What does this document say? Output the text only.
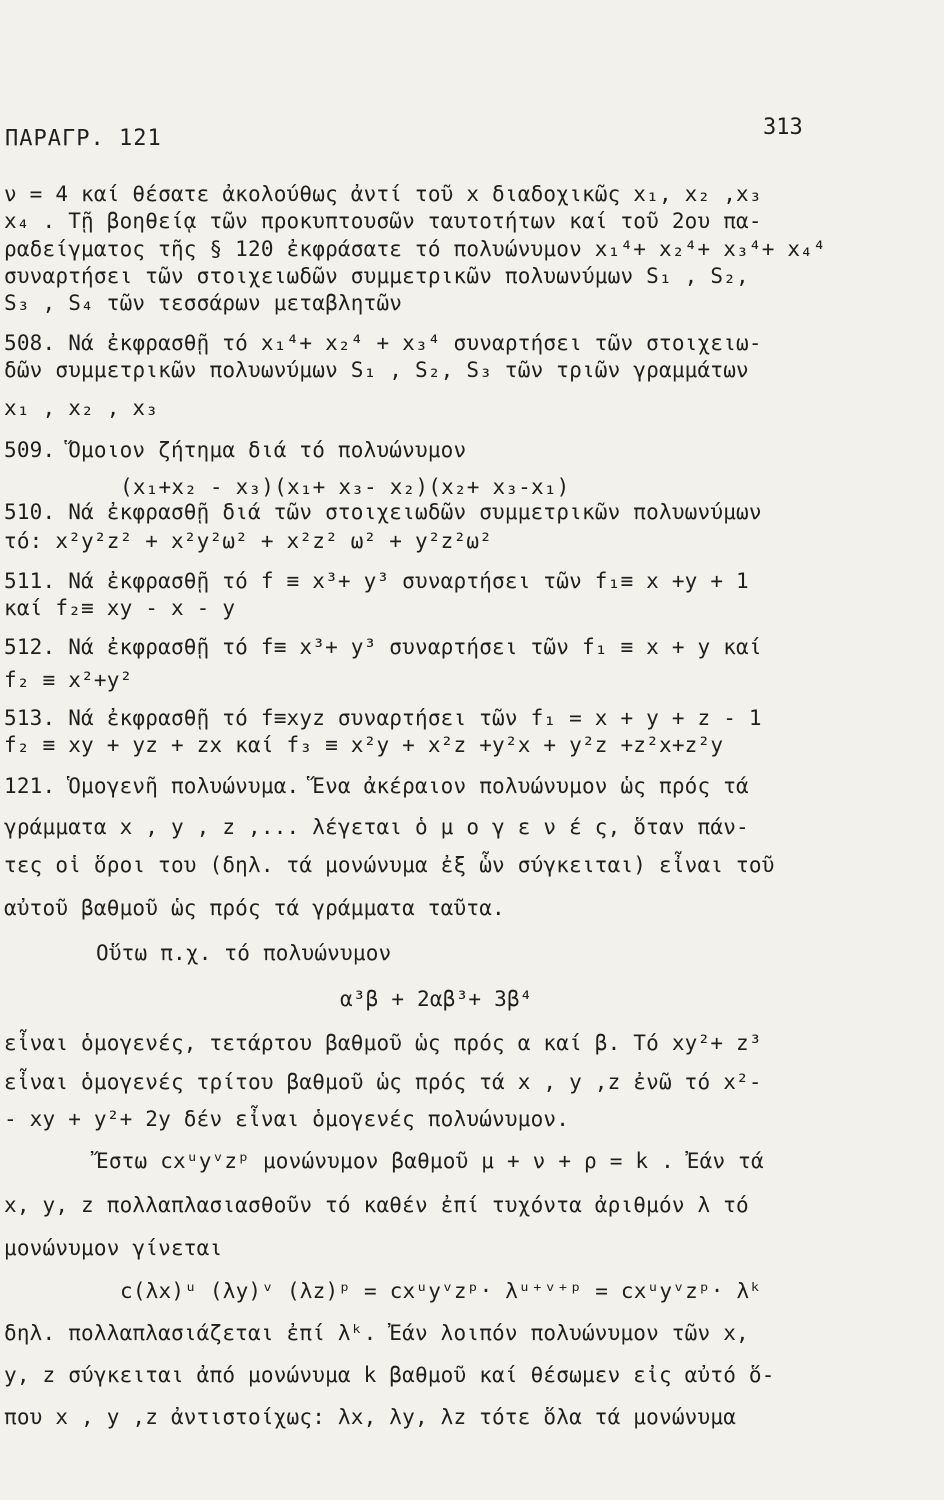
ΠΑΡΑΓΡ. 121	313
ν = 4 καί θέσατε ἀκολούθως ἀντί τοῦ x διαδοχικῶς x₁, x₂ ,x₃
x₄ . Τῇ βοηθείᾳ τῶν προκυπτουσῶν ταυτοτήτων καί τοῦ 2ου πα-
ραδείγματος τῆς § 120 ἐκφράσατε τό πολυώνυμον x₁⁴+ x₂⁴+ x₃⁴+ x₄⁴
συναρτήσει τῶν στοιχειωδῶν συμμετρικῶν πολυωνύμων S₁ , S₂,
S₃ , S₄ τῶν τεσσάρων μεταβλητῶν
508. Νά ἐκφρασθῇ τό x₁⁴+ x₂⁴ + x₃⁴ συναρτήσει τῶν στοιχειω-
δῶν συμμετρικῶν πολυωνύμων S₁ , S₂, S₃ τῶν τριῶν γραμμάτων
x₁ , x₂ , x₃
509. Ὅμοιον ζήτημα διά τό πολυώνυμον
(x₁+x₂ - x₃)(x₁+ x₃- x₂)(x₂+ x₃-x₁)
510. Νά ἐκφρασθῇ διά τῶν στοιχειωδῶν συμμετρικῶν πολυωνύμων
τό: x²y²z² + x²y²ω² + x²z² ω² + y²z²ω²
511. Νά ἐκφρασθῇ τό f ≡ x³+ y³ συναρτήσει τῶν f₁≡ x +y + 1
καί f₂≡ xy - x - y
512. Νά ἐκφρασθῇ τό f≡ x³+ y³ συναρτήσει τῶν f₁ ≡ x + y καί
f₂ ≡ x²+y²
513. Νά ἐκφρασθῇ τό f≡xyz συναρτήσει τῶν f₁ = x + y + z - 1
f₂ ≡ xy + yz + zx καί f₃ ≡ x²y + x²z +y²x + y²z +z²x+z²y
121. Ὁμογενῆ πολυώνυμα. Ἕνα ἀκέραιον πολυώνυμον ὡς πρός τά
γράμματα x , y , z ,... λέγεται ὁ μ ο γ ε ν έ ς, ὅταν πάν-
τες οἱ ὅροι του (δηλ. τά μονώνυμα ἐξ ὧν σύγκειται) εἶναι τοῦ
αὐτοῦ βαθμοῦ ὡς πρός τά γράμματα ταῦτα.
Οὕτω π.χ. τό πολυώνυμον
α³β + 2αβ³+ 3β⁴
εἶναι ὁμογενές, τετάρτου βαθμοῦ ὡς πρός α καί β. Τό xy²+ z³
εἶναι ὁμογενές τρίτου βαθμοῦ ὡς πρός τά x , y ,z ἐνῶ τό x²-
- xy + y²+ 2y δέν εἶναι ὁμογενές πολυώνυμον.
Ἔστω cxᵘyᵛzᵖ μονώνυμον βαθμοῦ μ + ν + ρ = k . Ἐάν τά
x, y, z πολλαπλασιασθοῦν τό καθέν ἐπί τυχόντα ἀριθμόν λ τό
μονώνυμον γίνεται
c(λx)ᵘ (λy)ᵛ (λz)ᵖ = cxᵘyᵛzᵖ· λᵘ⁺ᵛ⁺ᵖ = cxᵘyᵛzᵖ· λᵏ
δηλ. πολλαπλασιάζεται ἐπί λᵏ. Ἐάν λοιπόν πολυώνυμον τῶν x,
y, z σύγκειται ἀπό μονώνυμα k βαθμοῦ καί θέσωμεν εἰς αὐτό ὅ-
που x , y ,z ἀντιστοίχως: λx, λy, λz τότε ὅλα τά μονώνυμα
